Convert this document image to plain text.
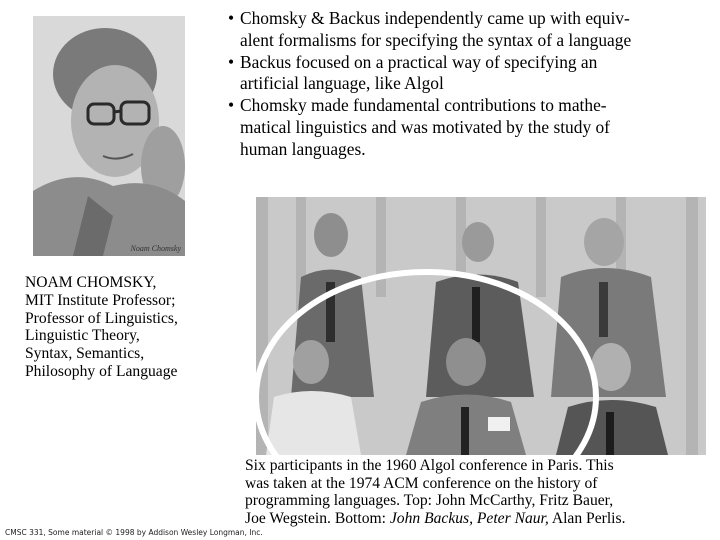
Noam Chomsky
• Chomsky & Backus independently came up with equiv-
alent formalisms for specifying the syntax of a language
• Backus focused on a practical way of specifying an
artificial language, like Algol
• Chomsky made fundamental contributions to mathe-
matical linguistics and was motivated by the study of
human languages.
NOAM CHOMSKY,
MIT Institute Professor;
Professor of Linguistics,
Linguistic Theory,
Syntax, Semantics,
Philosophy of Language
Six participants in the 1960 Algol conference in Paris. This
was taken at the 1974 ACM conference on the history of
programming languages. Top: John McCarthy, Fritz Bauer,
Joe Wegstein. Bottom: John Backus, Peter Naur, Alan Perlis.
CMSC 331, Some material © 1998 by Addison Wesley Longman, Inc.
